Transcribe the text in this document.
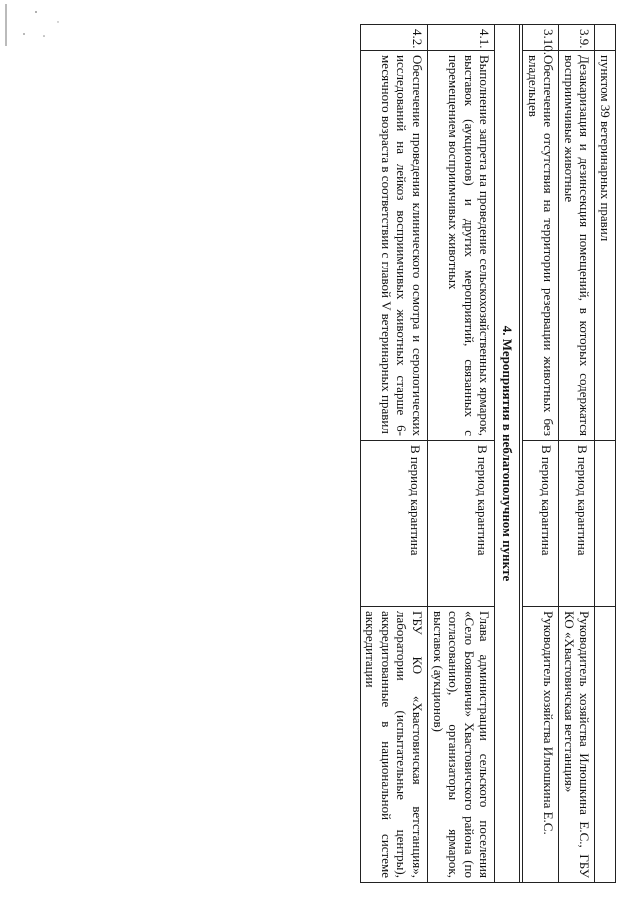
	пунктом 39 ветеринарных правил		
3.9.	Дезакаризация и дезинсекция помещений, в которых содержатся восприимчивые животные	В период карантина	Руководитель хозяйства Илюшкина Е.С., ГБУ КО «Хвастовичская ветстанция»
3.10.	Обеспечение отсутствия на территории резервации животных без владельцев	В период карантина	Руководитель хозяйства Илюшкина Е.С.

4. Мероприятия в неблагополучном пункте			
4.1.	Выполнение запрета на проведение сельскохозяйственных ярмарок, выставок (аукционов) и других мероприятий, связанных с перемещением восприимчивых животных	В период карантина	Глава администрации сельского поселения «Село Бояновичи» Хвастовичского района (по согласованию), организаторы ярмарок, выставок (аукционов)
4.2.	Обеспечение проведения клинического осмотра и серологических исследований на лейкоз восприимчивых животных старше 6-месячного возраста в соответствии с главой V ветеринарных правил	В период карантина	ГБУ КО «Хвастовичская ветстанция», лаборатории (испытательные центры), аккредитованные в национальной системе аккредитации
